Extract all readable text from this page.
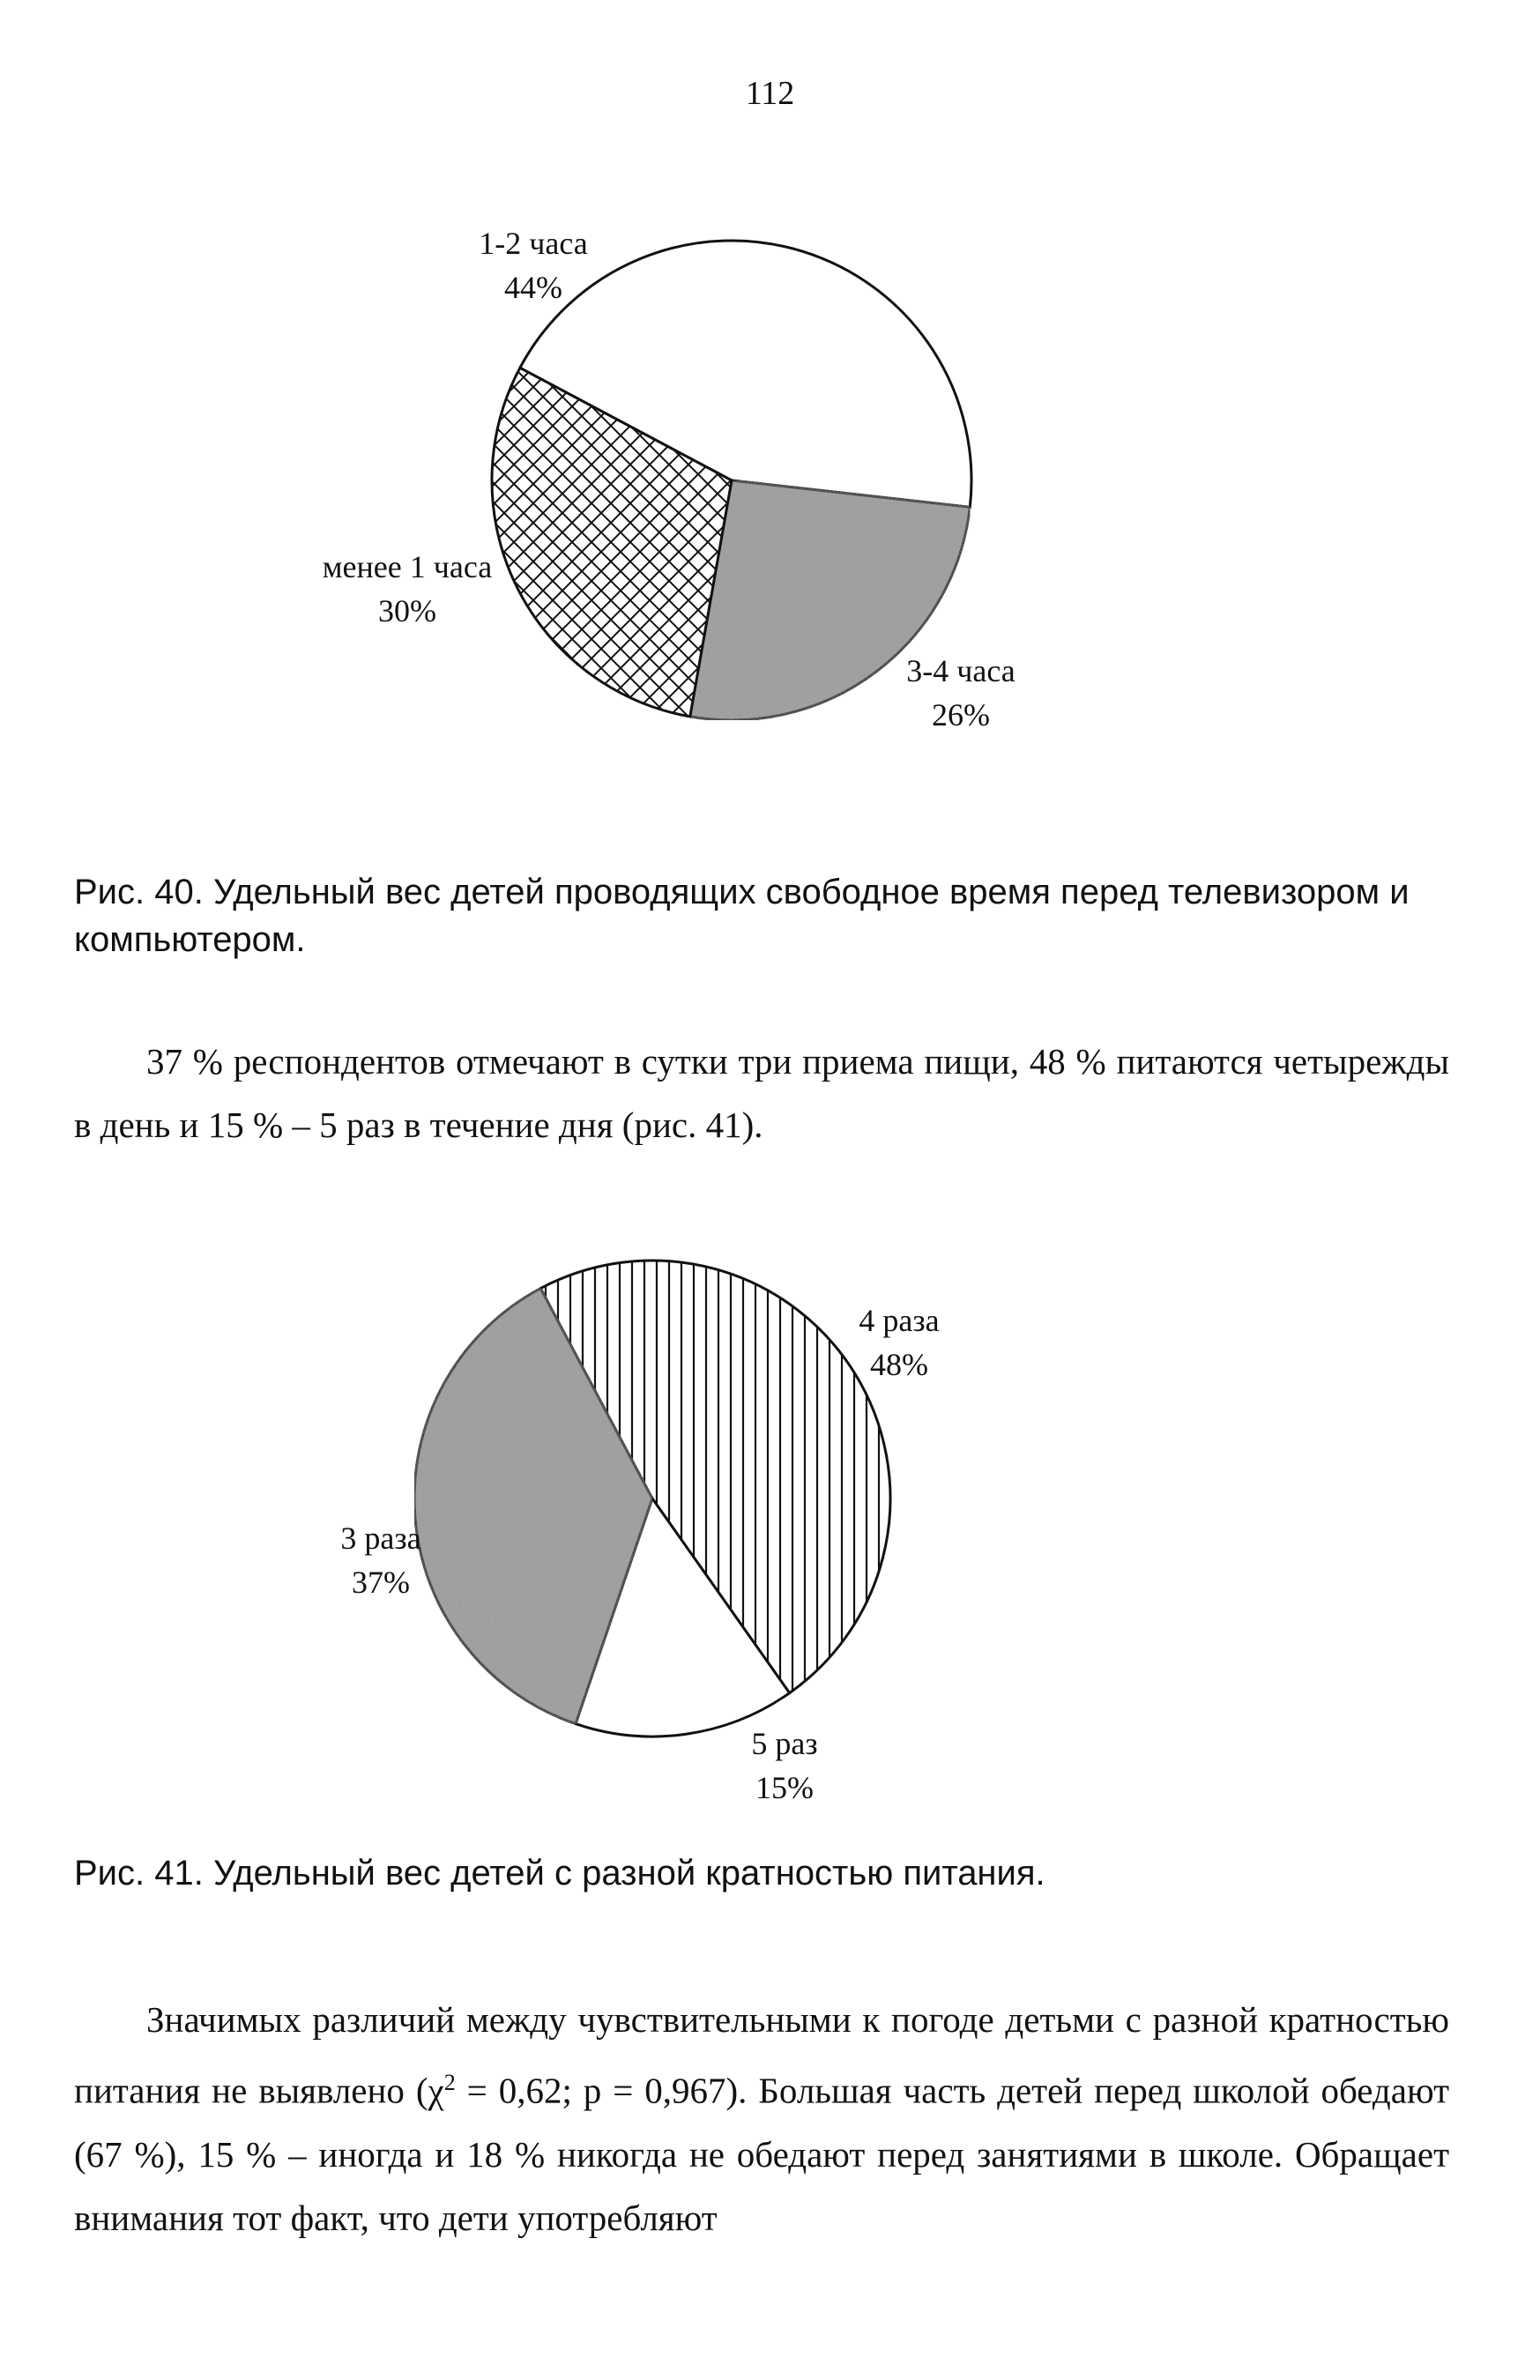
112
1-2 часа
44%
3-4 часа
26%
менее 1 часа
30%
Рис. 40. Удельный вес детей проводящих свободное время перед телевизором и компьютером.
37 % респондентов отмечают в сутки три приема пищи, 48 % питаются четырежды в день и 15 % – 5 раз в течение дня (рис. 41).
4 раза
48%
5 раз
15%
3 раза
37%
Рис. 41. Удельный вес детей с разной кратностью питания.
Значимых различий между чувствительными к погоде детьми с разной кратностью питания не выявлено ($\chi^2 = 0,62$; p = 0,967). Большая часть детей перед школой обедают (67 %), 15 % – иногда и 18 % никогда не обедают перед занятиями в школе. Обращает внимания тот факт, что дети употребляют
